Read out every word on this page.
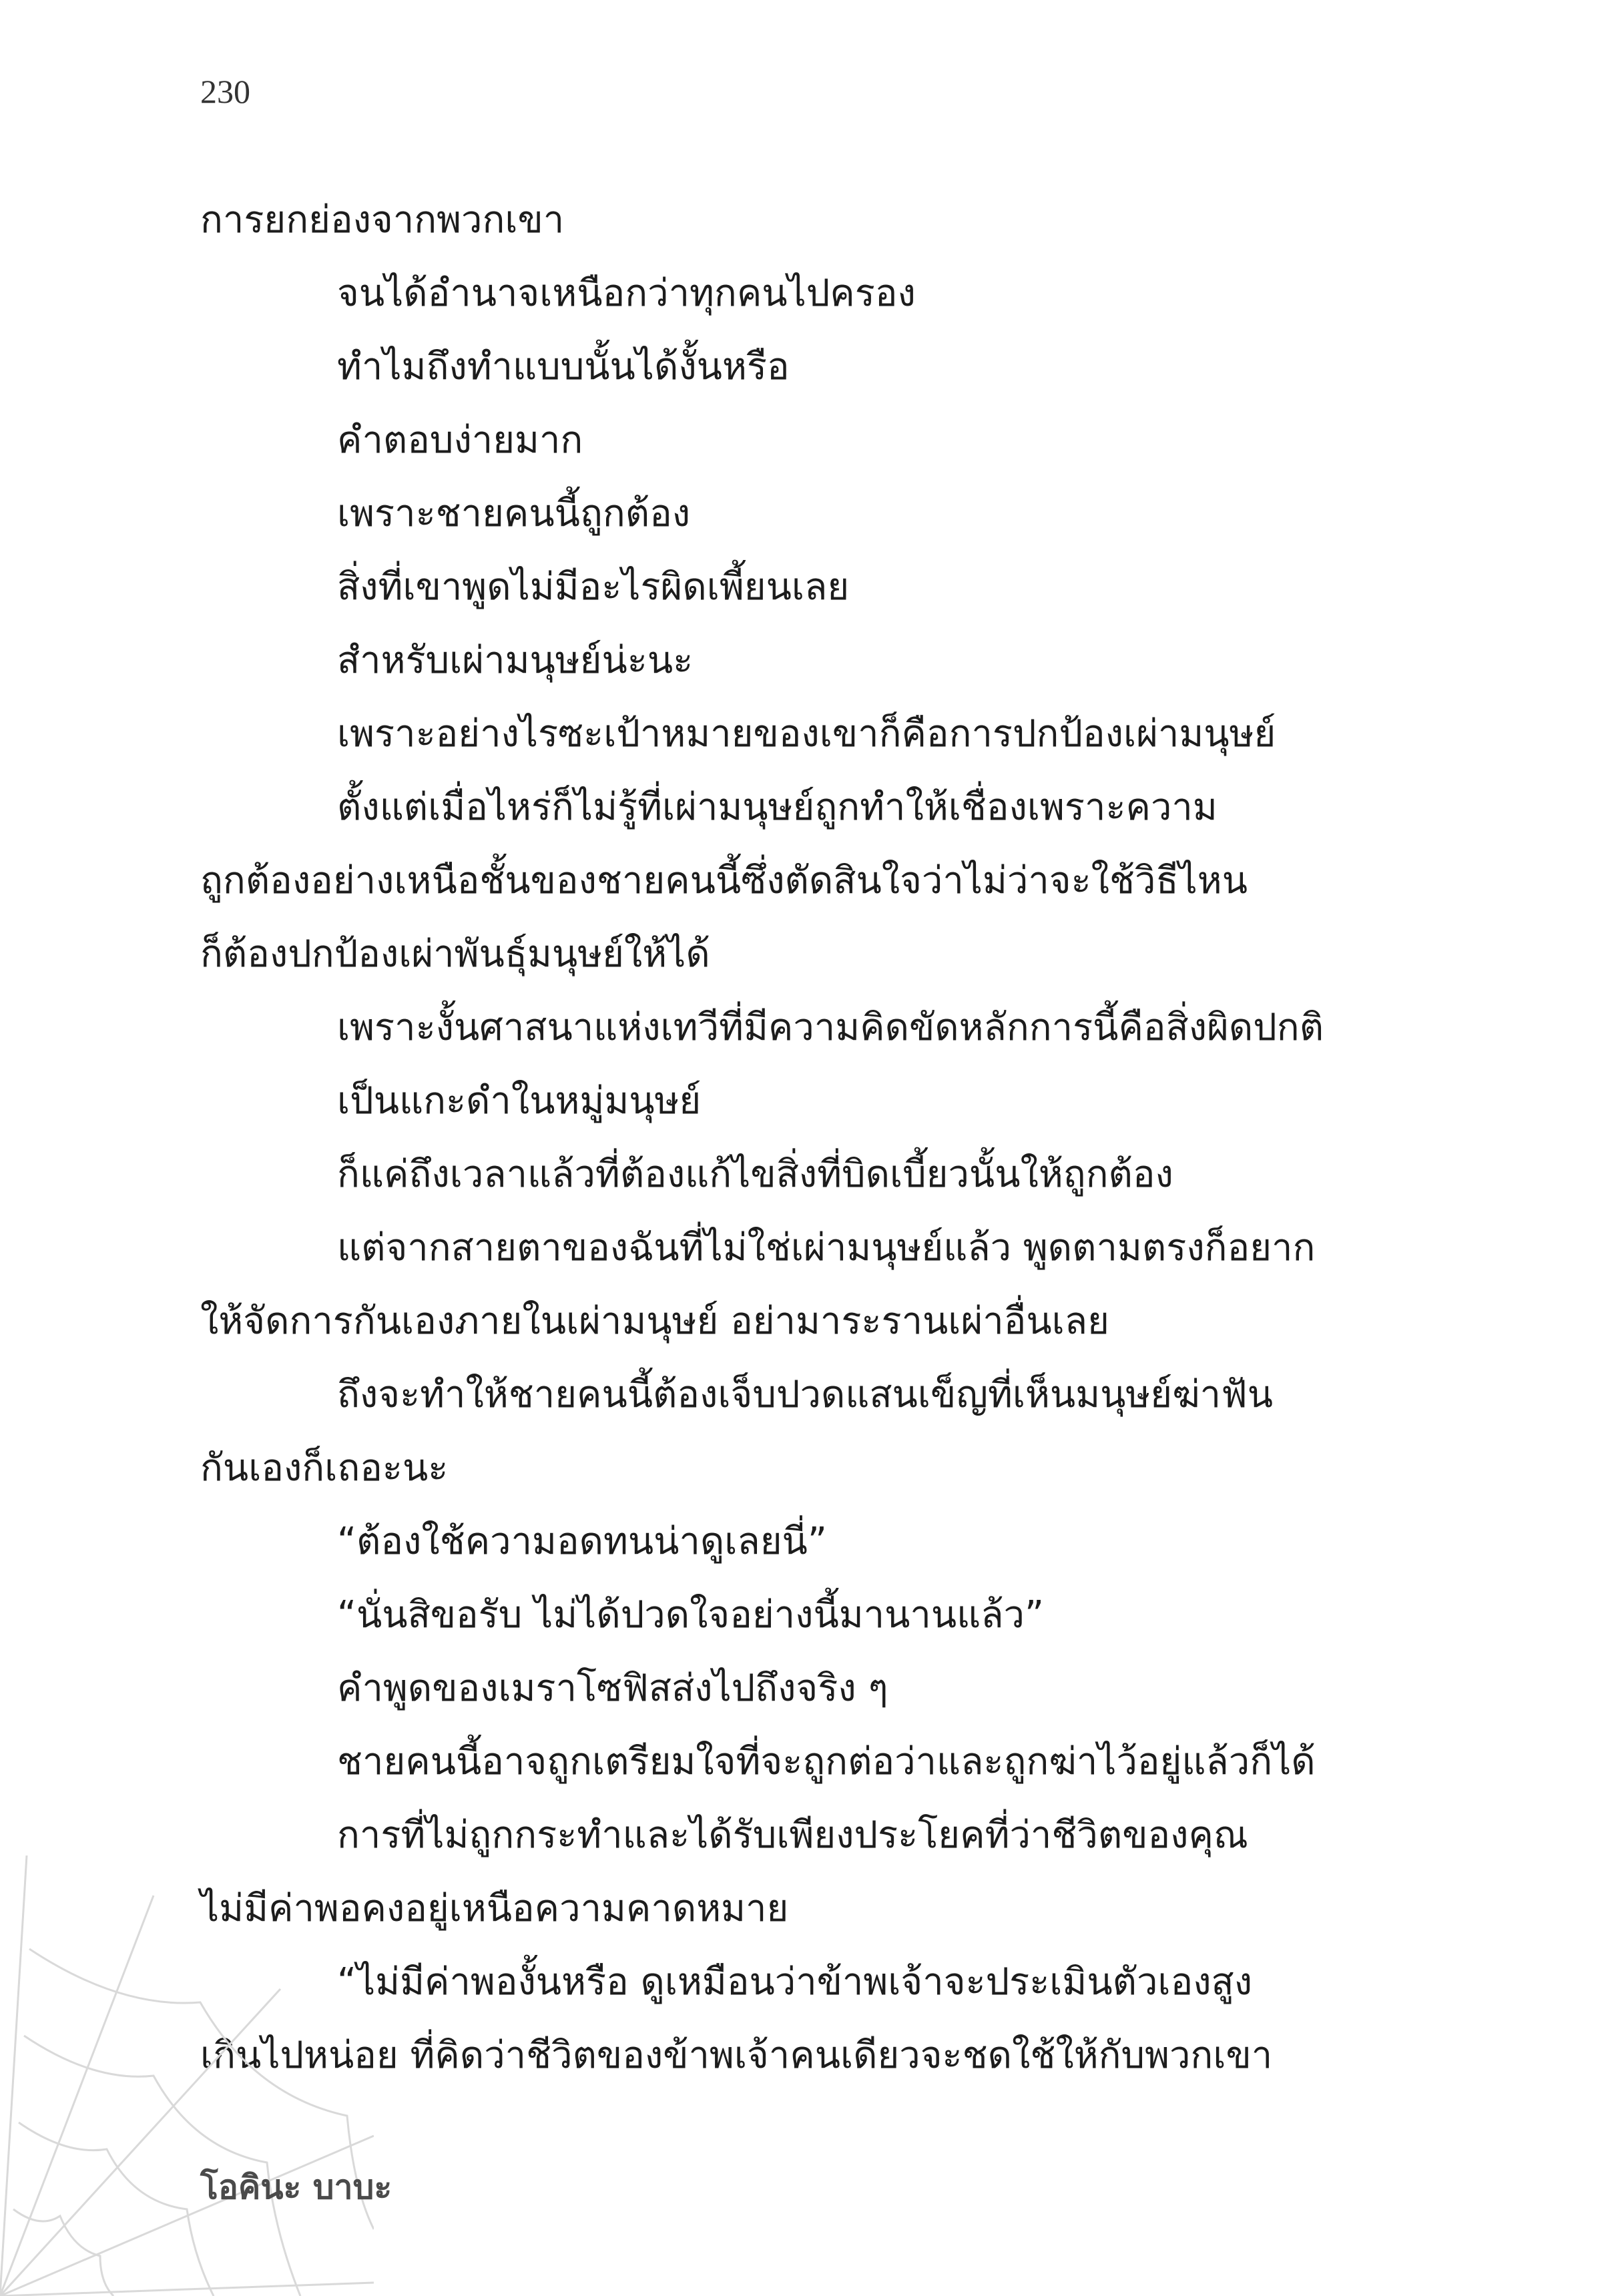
230
การยกย่องจากพวกเขา
จนได้อำนาจเหนือกว่าทุกคนไปครอง
ทำไมถึงทำแบบนั้นได้งั้นหรือ
คำตอบง่ายมาก
เพราะชายคนนี้ถูกต้อง
สิ่งที่เขาพูดไม่มีอะไรผิดเพี้ยนเลย
สำหรับเผ่ามนุษย์น่ะนะ
เพราะอย่างไรซะเป้าหมายของเขาก็คือการปกป้องเผ่ามนุษย์
ตั้งแต่เมื่อไหร่ก็ไม่รู้ที่เผ่ามนุษย์ถูกทำให้เชื่องเพราะความ
ถูกต้องอย่างเหนือชั้นของชายคนนี้ซึ่งตัดสินใจว่าไม่ว่าจะใช้วิธีไหน
ก็ต้องปกป้องเผ่าพันธุ์มนุษย์ให้ได้
เพราะงั้นศาสนาแห่งเทวีที่มีความคิดขัดหลักการนี้คือสิ่งผิดปกติ
เป็นแกะดำในหมู่มนุษย์
ก็แค่ถึงเวลาแล้วที่ต้องแก้ไขสิ่งที่บิดเบี้ยวนั้นให้ถูกต้อง
แต่จากสายตาของฉันที่ไม่ใช่เผ่ามนุษย์แล้ว พูดตามตรงก็อยาก
ให้จัดการกันเองภายในเผ่ามนุษย์ อย่ามาระรานเผ่าอื่นเลย
ถึงจะทำให้ชายคนนี้ต้องเจ็บปวดแสนเข็ญที่เห็นมนุษย์ฆ่าฟัน
กันเองก็เถอะนะ
“ต้องใช้ความอดทนน่าดูเลยนี่”
“นั่นสิขอรับ ไม่ได้ปวดใจอย่างนี้มานานแล้ว”
คำพูดของเมราโซฟิสส่งไปถึงจริง ๆ
ชายคนนี้อาจถูกเตรียมใจที่จะถูกต่อว่าและถูกฆ่าไว้อยู่แล้วก็ได้
การที่ไม่ถูกกระทำและได้รับเพียงประโยคที่ว่าชีวิตของคุณ
ไม่มีค่าพอคงอยู่เหนือความคาดหมาย
“ไม่มีค่าพองั้นหรือ ดูเหมือนว่าข้าพเจ้าจะประเมินตัวเองสูง
เกินไปหน่อย ที่คิดว่าชีวิตของข้าพเจ้าคนเดียวจะชดใช้ให้กับพวกเขา
โอคินะ บาบะ
